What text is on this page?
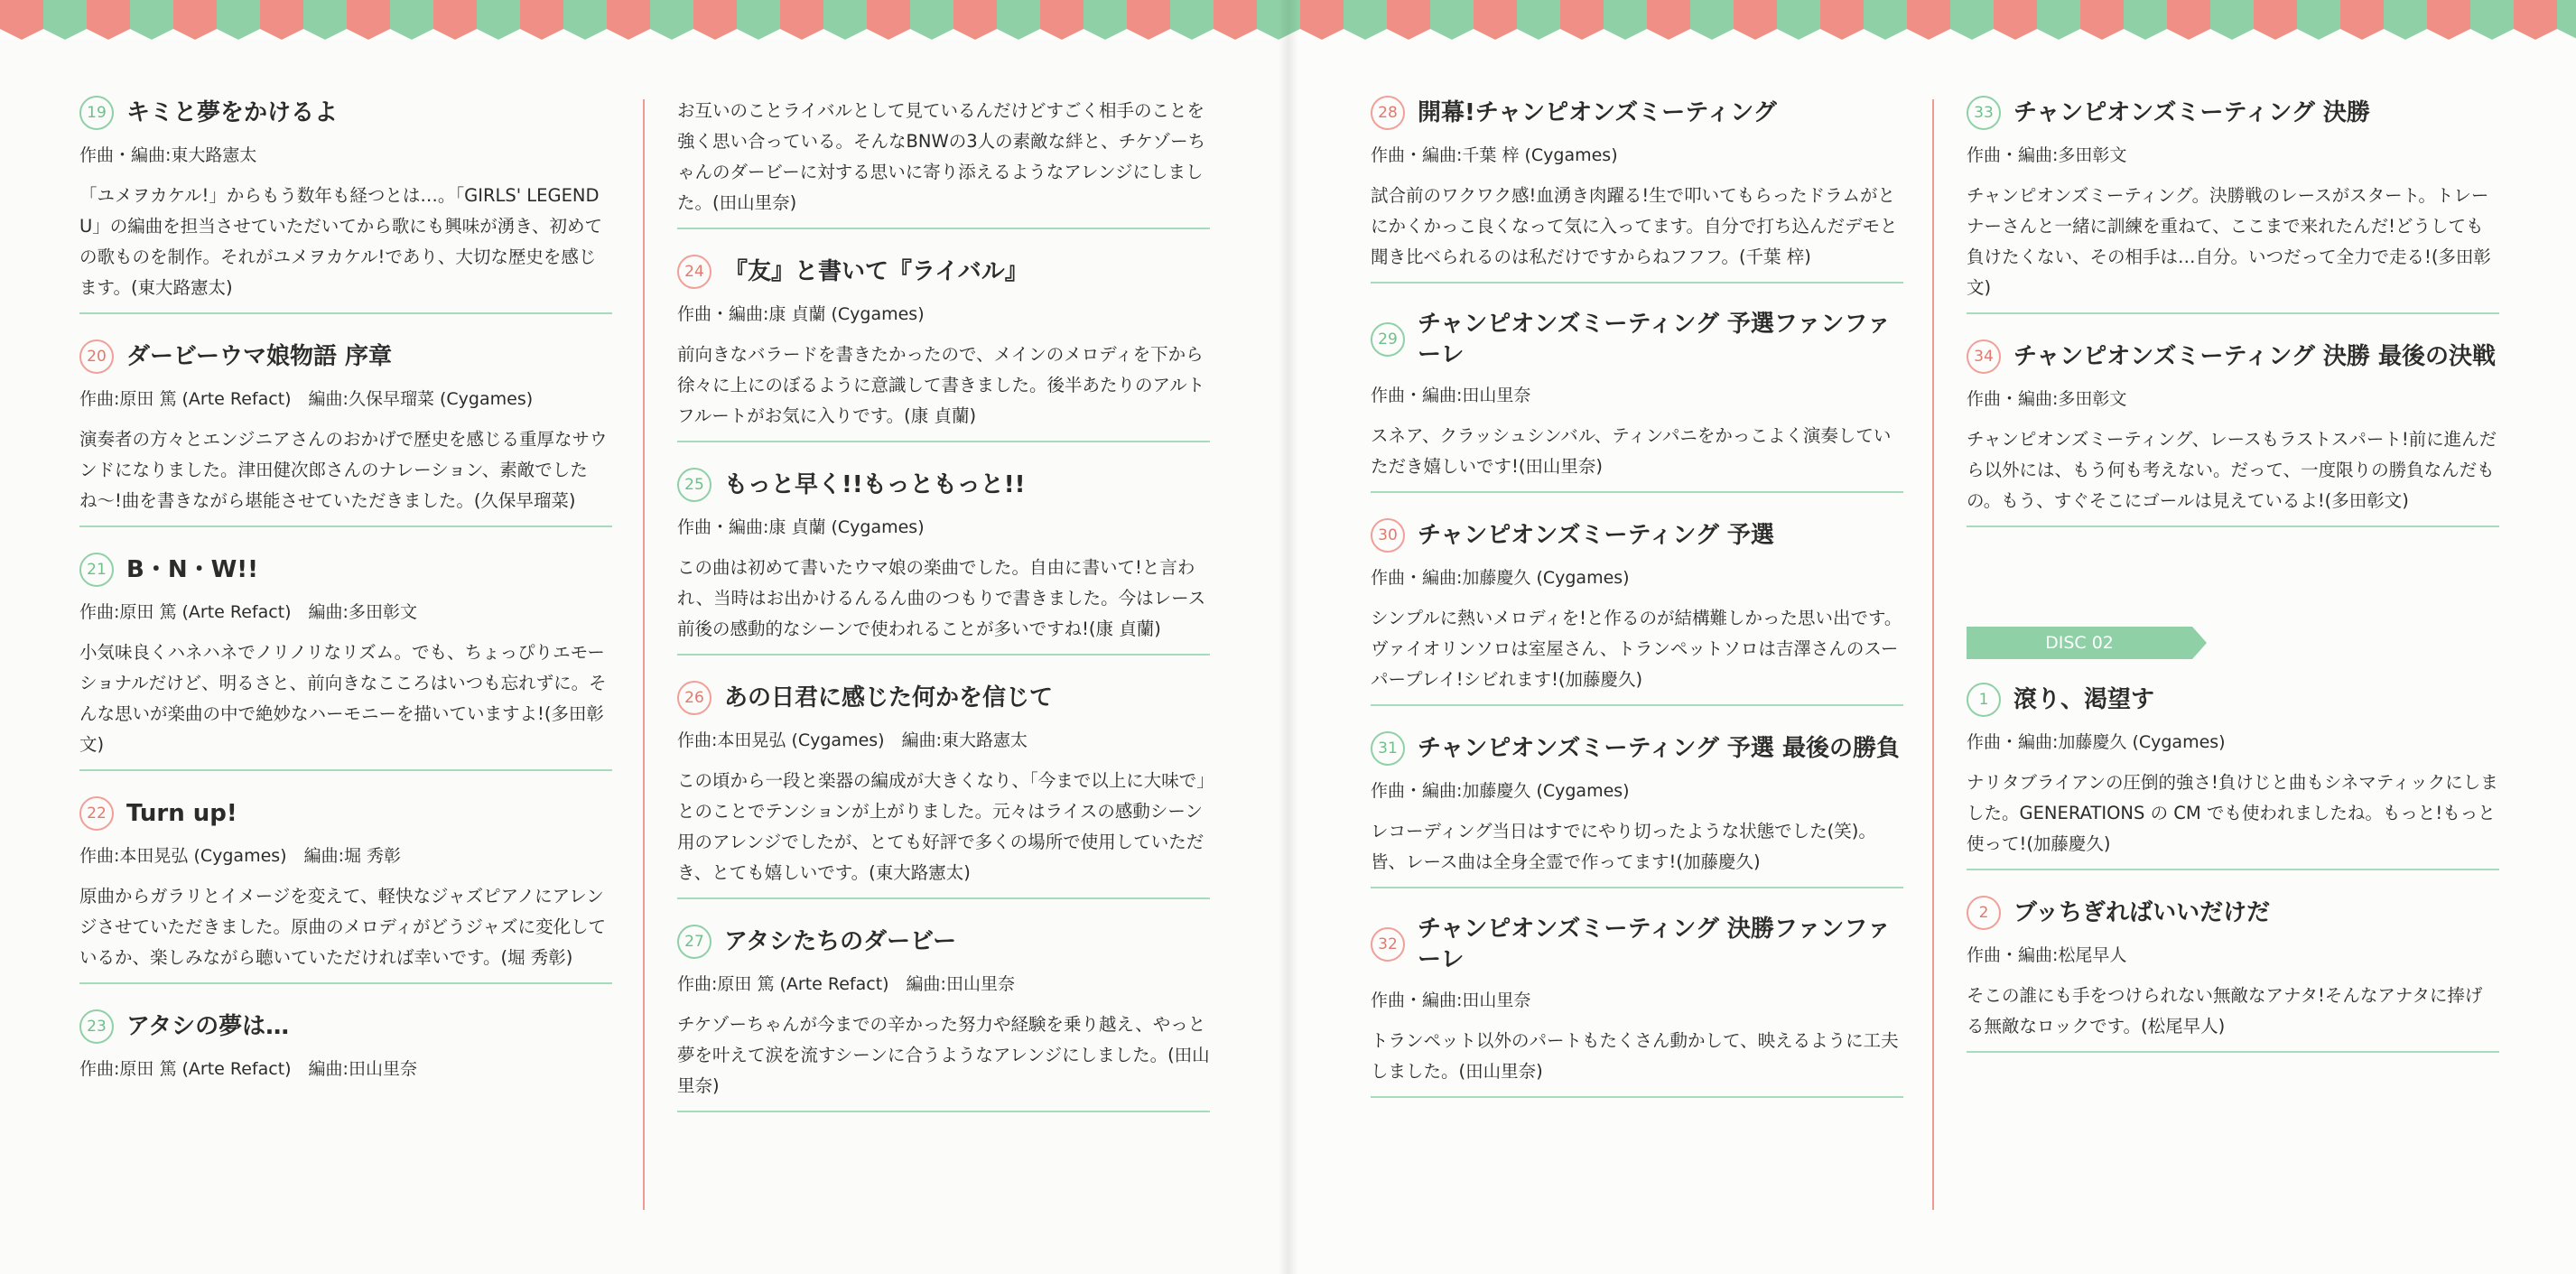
19 キミと夢をかけるよ
作曲・編曲:東大路憲太
「ユメヲカケル!」からもう数年も経つとは…。「GIRLS' LEGEND U」の編曲を担当させていただいてから歌にも興味が湧き、初めての歌ものを制作。それがユメヲカケル!であり、大切な歴史を感じます。(東大路憲太)
20 ダービーウマ娘物語 序章
作曲:原田 篤 (Arte Refact)　編曲:久保早瑠菜 (Cygames)
演奏者の方々とエンジニアさんのおかげで歴史を感じる重厚なサウンドになりました。津田健次郎さんのナレーション、素敵でしたね〜!曲を書きながら堪能させていただきました。(久保早瑠菜)
21 B・N・W!!
作曲:原田 篤 (Arte Refact)　編曲:多田彰文
小気味良くハネハネでノリノリなリズム。でも、ちょっぴりエモーショナルだけど、明るさと、前向きなこころはいつも忘れずに。そんな思いが楽曲の中で絶妙なハーモニーを描いていますよ!(多田彰文)
22 Turn up!
作曲:本田晃弘 (Cygames)　編曲:堀 秀彰
原曲からガラリとイメージを変えて、軽快なジャズピアノにアレンジさせていただきました。原曲のメロディがどうジャズに変化しているか、楽しみながら聴いていただければ幸いです。(堀 秀彰)
23 アタシの夢は…
作曲:原田 篤 (Arte Refact)　編曲:田山里奈
お互いのことライバルとして見ているんだけどすごく相手のことを強く思い合っている。そんなBNWの3人の素敵な絆と、チケゾーちゃんのダービーに対する思いに寄り添えるようなアレンジにしました。(田山里奈)
24 『友』と書いて『ライバル』
作曲・編曲:康 貞蘭 (Cygames)
前向きなバラードを書きたかったので、メインのメロディを下から徐々に上にのぼるように意識して書きました。後半あたりのアルトフルートがお気に入りです。(康 貞蘭)
25 もっと早く!!もっともっと!!
作曲・編曲:康 貞蘭 (Cygames)
この曲は初めて書いたウマ娘の楽曲でした。自由に書いて!と言われ、当時はお出かけるんるん曲のつもりで書きました。今はレース前後の感動的なシーンで使われることが多いですね!(康 貞蘭)
26 あの日君に感じた何かを信じて
作曲:本田晃弘 (Cygames)　編曲:東大路憲太
この頃から一段と楽器の編成が大きくなり、「今まで以上に大味で」とのことでテンションが上がりました。元々はライスの感動シーン用のアレンジでしたが、とても好評で多くの場所で使用していただき、とても嬉しいです。(東大路憲太)
27 アタシたちのダービー
作曲:原田 篤 (Arte Refact)　編曲:田山里奈
チケゾーちゃんが今までの辛かった努力や経験を乗り越え、やっと夢を叶えて涙を流すシーンに合うようなアレンジにしました。(田山里奈)
28 開幕!チャンピオンズミーティング
作曲・編曲:千葉 梓 (Cygames)
試合前のワクワク感!血湧き肉躍る!生で叩いてもらったドラムがとにかくかっこ良くなって気に入ってます。自分で打ち込んだデモと聞き比べられるのは私だけですからねフフフ。(千葉 梓)
29
チャンピオンズミーティング 予選ファンファーレ
作曲・編曲:田山里奈
スネア、クラッシュシンバル、ティンパニをかっこよく演奏していただき嬉しいです!(田山里奈)
30 チャンピオンズミーティング 予選
作曲・編曲:加藤慶久 (Cygames)
シンプルに熱いメロディを!と作るのが結構難しかった思い出です。ヴァイオリンソロは室屋さん、トランペットソロは吉澤さんのスーパープレイ!シビれます!(加藤慶久)
31 チャンピオンズミーティング 予選 最後の勝負
作曲・編曲:加藤慶久 (Cygames)
レコーディング当日はすでにやり切ったような状態でした(笑)。皆、レース曲は全身全霊で作ってます!(加藤慶久)
32
チャンピオンズミーティング 決勝ファンファーレ
作曲・編曲:田山里奈
トランペット以外のパートもたくさん動かして、映えるように工夫しました。(田山里奈)
33 チャンピオンズミーティング 決勝
作曲・編曲:多田彰文
チャンピオンズミーティング。決勝戦のレースがスタート。トレーナーさんと一緒に訓練を重ねて、ここまで来れたんだ!どうしても負けたくない、その相手は…自分。いつだって全力で走る!(多田彰文)
34 チャンピオンズミーティング 決勝 最後の決戦
作曲・編曲:多田彰文
チャンピオンズミーティング、レースもラストスパート!前に進んだら以外には、もう何も考えない。だって、一度限りの勝負なんだもの。もう、すぐそこにゴールは見えているよ!(多田彰文)
DISC 02
1	滾り、渇望す
作曲・編曲:加藤慶久 (Cygames)
ナリタブライアンの圧倒的強さ!負けじと曲もシネマティックにしました。GENERATIONS の CM でも使われましたね。もっと!もっと使って!(加藤慶久)
2	ブッちぎればいいだけだ
作曲・編曲:松尾早人
そこの誰にも手をつけられない無敵なアナタ!そんなアナタに捧げる無敵なロックです。(松尾早人)
